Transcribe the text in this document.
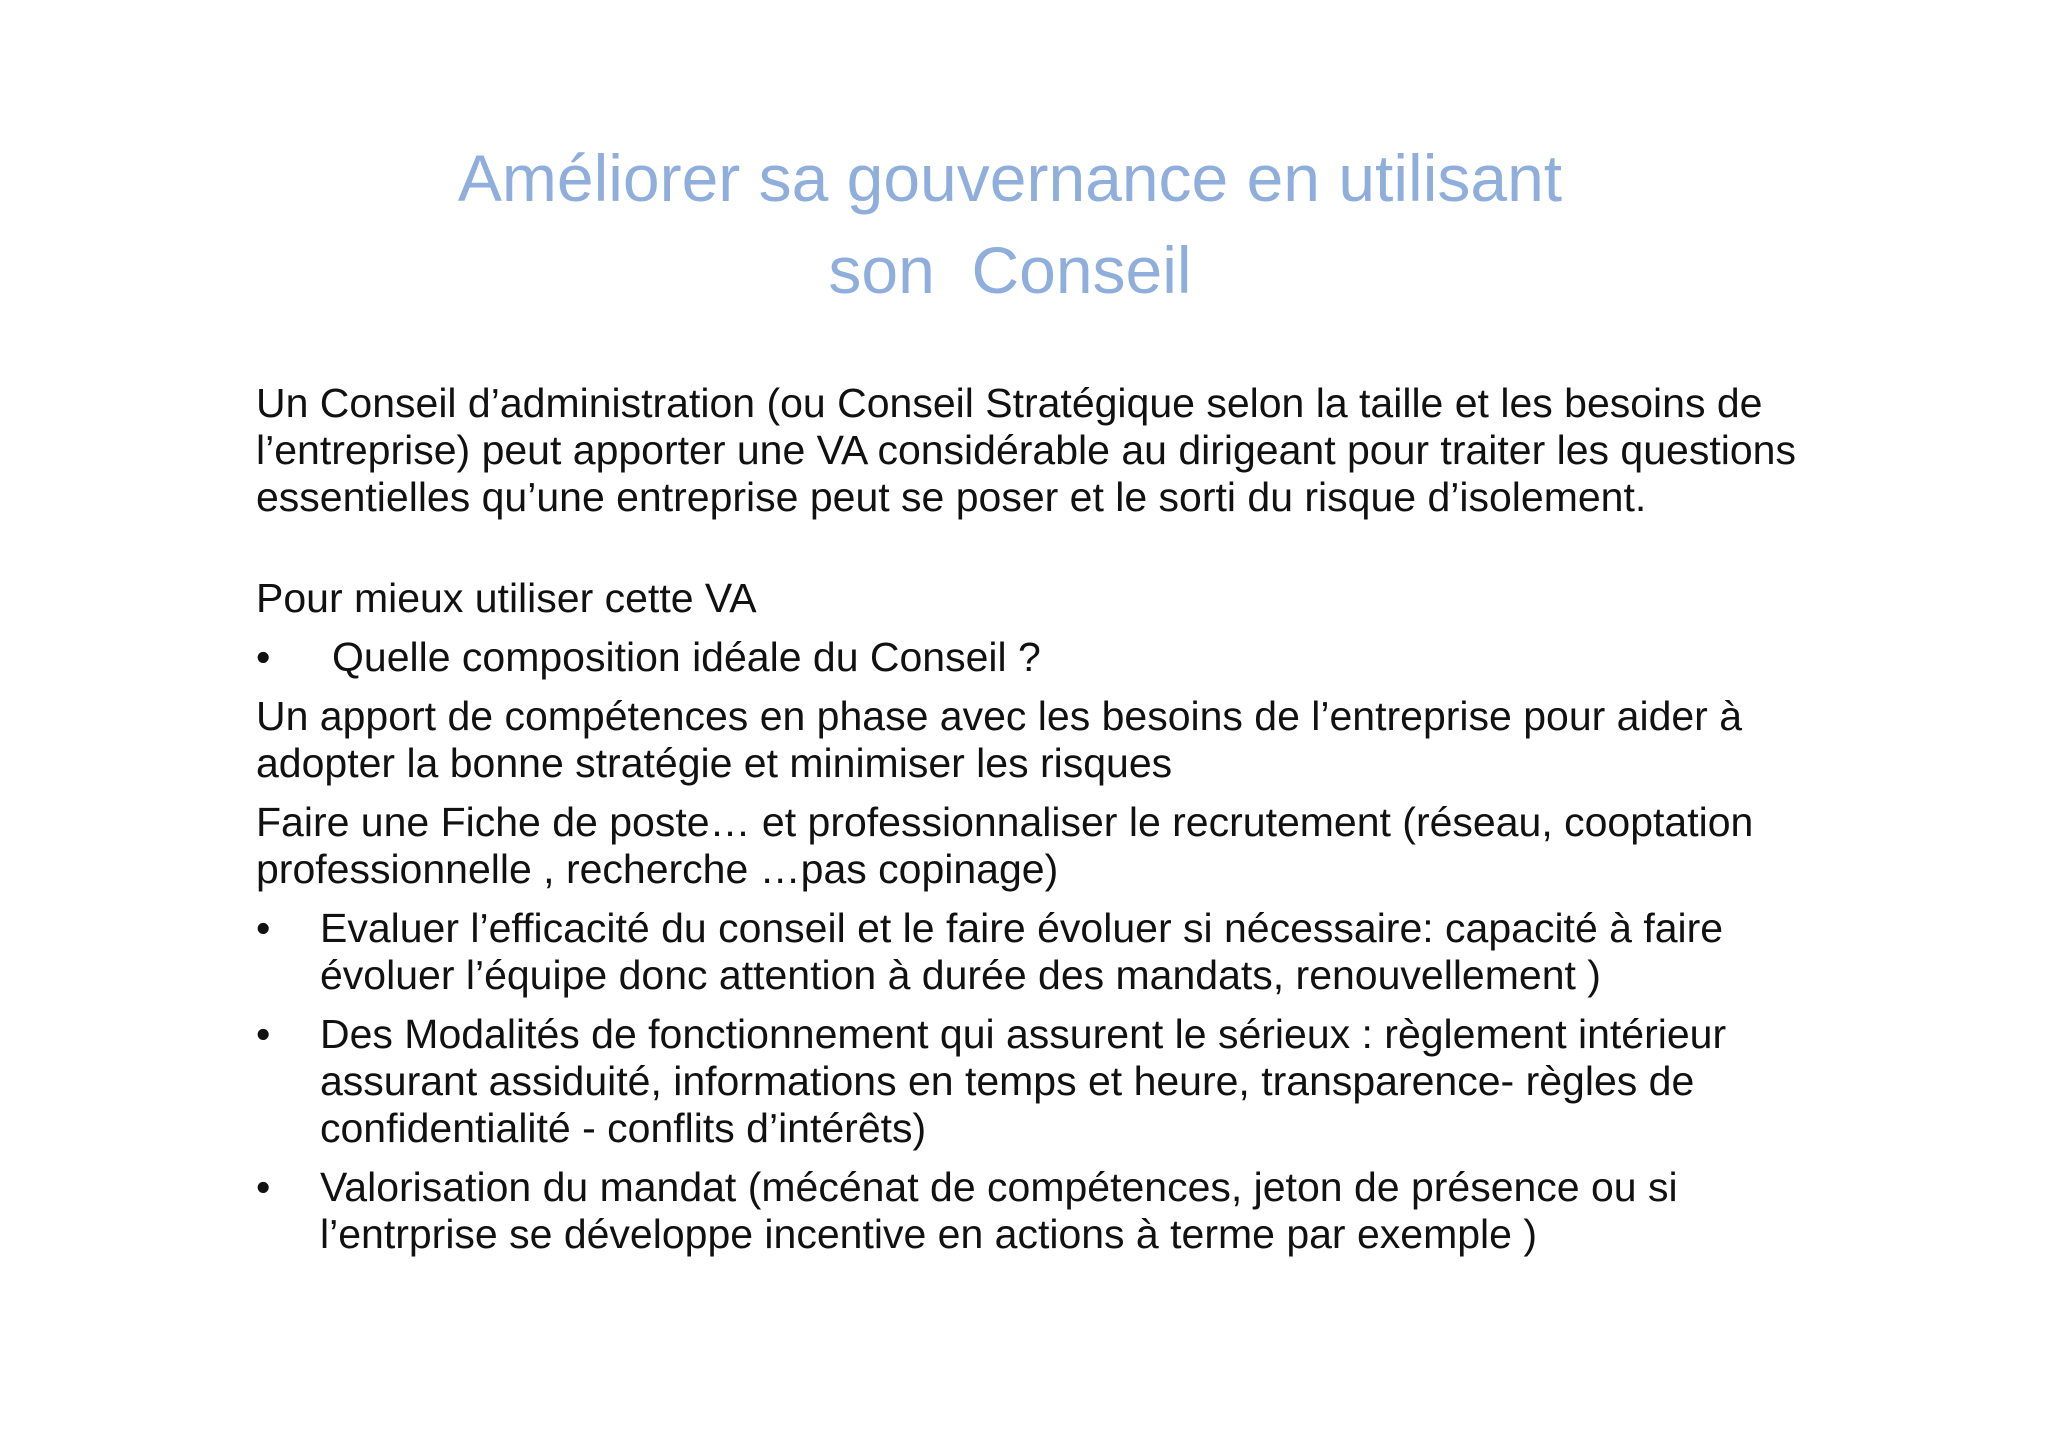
Améliorer sa gouvernance en utilisant
son  Conseil

Un Conseil d’administration (ou Conseil Stratégique selon la taille et les besoins de l’entreprise) peut apporter une VA considérable au dirigeant pour traiter les questions essentielles qu’une entreprise peut se poser et le sorti du risque d’isolement.

Pour mieux utiliser cette VA

•	Quelle composition idéale du Conseil ?

Un apport de compétences en phase avec les besoins de l’entreprise pour aider à adopter la bonne stratégie et minimiser les risques

Faire une Fiche de poste… et professionnaliser le recrutement (réseau, cooptation professionnelle , recherche …pas copinage)

•	Evaluer l’efficacité du conseil et le faire évoluer si nécessaire: capacité à faire évoluer l’équipe donc attention à durée des mandats, renouvellement )
•	Des Modalités de fonctionnement qui assurent le sérieux : règlement intérieur assurant assiduité, informations en temps et heure, transparence- règles de confidentialité - conflits d’intérêts)
•	Valorisation du mandat (mécénat de compétences, jeton de présence ou si l’entrprise se développe incentive en actions à terme par exemple )
